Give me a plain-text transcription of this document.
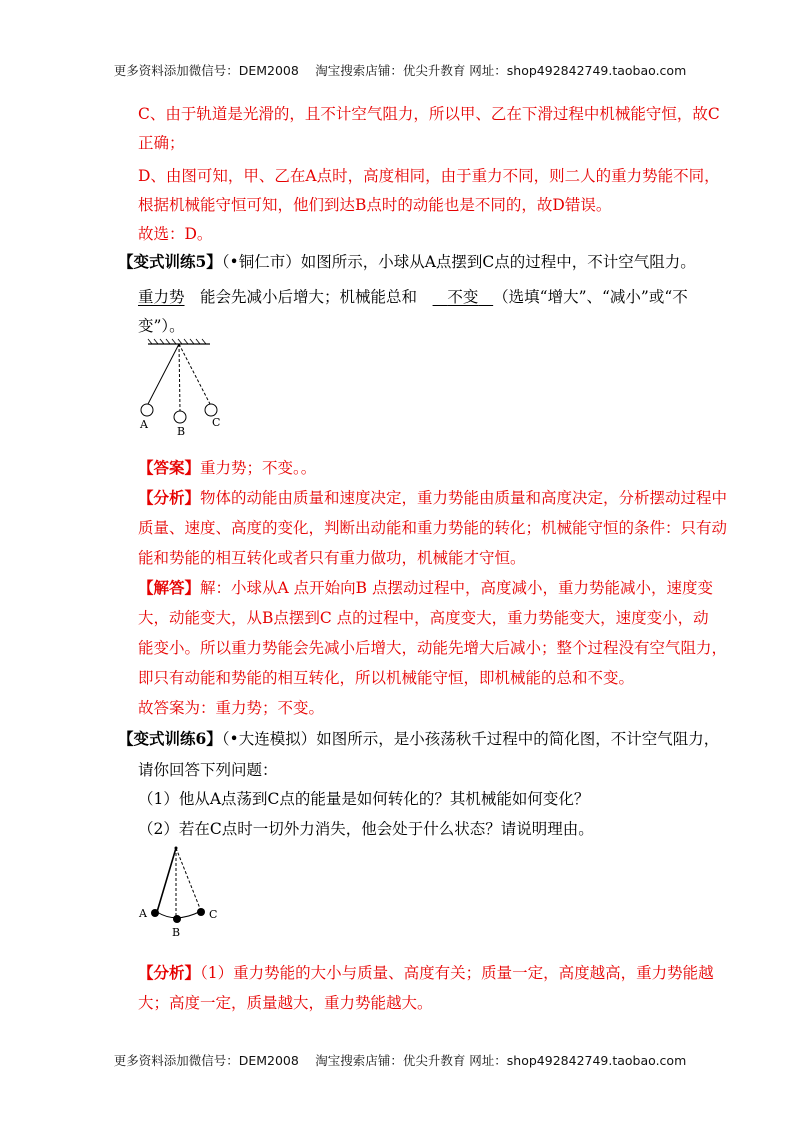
更多资料添加微信号：DEM2008　 淘宝搜索店铺：优尖升教育 网址：shop492842749.taobao.com
C、由于轨道是光滑的，且不计空气阻力，所以甲、乙在下滑过程中机械能守恒，故C
正确；
D、由图可知，甲、乙在A点时，高度相同，由于重力不同，则二人的重力势能不同，
根据机械能守恒可知，他们到达B点时的动能也是不同的，故D错误。
故选：D。
【变式训练5】（•铜仁市）如图所示，小球从A点摆到C点的过程中，不计空气阻力。
重力势　 能会先减小后增大；机械能总和　 不变 （选填“增大”、“减小”或“不
变”）。
A
B
C
【答案】重力势；不变。。
【分析】物体的动能由质量和速度决定，重力势能由质量和高度决定，分析摆动过程中
质量、速度、高度的变化，判断出动能和重力势能的转化；机械能守恒的条件：只有动
能和势能的相互转化或者只有重力做功，机械能才守恒。
【解答】解：小球从A 点开始向B 点摆动过程中，高度减小，重力势能减小，速度变
大，动能变大，从B点摆到C 点的过程中，高度变大，重力势能变大，速度变小，动
能变小。所以重力势能会先减小后增大，动能先增大后减小；整个过程没有空气阻力，
即只有动能和势能的相互转化，所以机械能守恒，即机械能的总和不变。
故答案为：重力势；不变。
【变式训练6】（•大连模拟）如图所示，是小孩荡秋千过程中的简化图，不计空气阻力，
请你回答下列问题：
（1）他从A点荡到C点的能量是如何转化的？其机械能如何变化？
（2）若在C点时一切外力消失，他会处于什么状态？请说明理由。
A
B
C
【分析】（1）重力势能的大小与质量、高度有关；质量一定，高度越高，重力势能越
大；高度一定，质量越大，重力势能越大。
更多资料添加微信号：DEM2008　 淘宝搜索店铺：优尖升教育 网址：shop492842749.taobao.com
